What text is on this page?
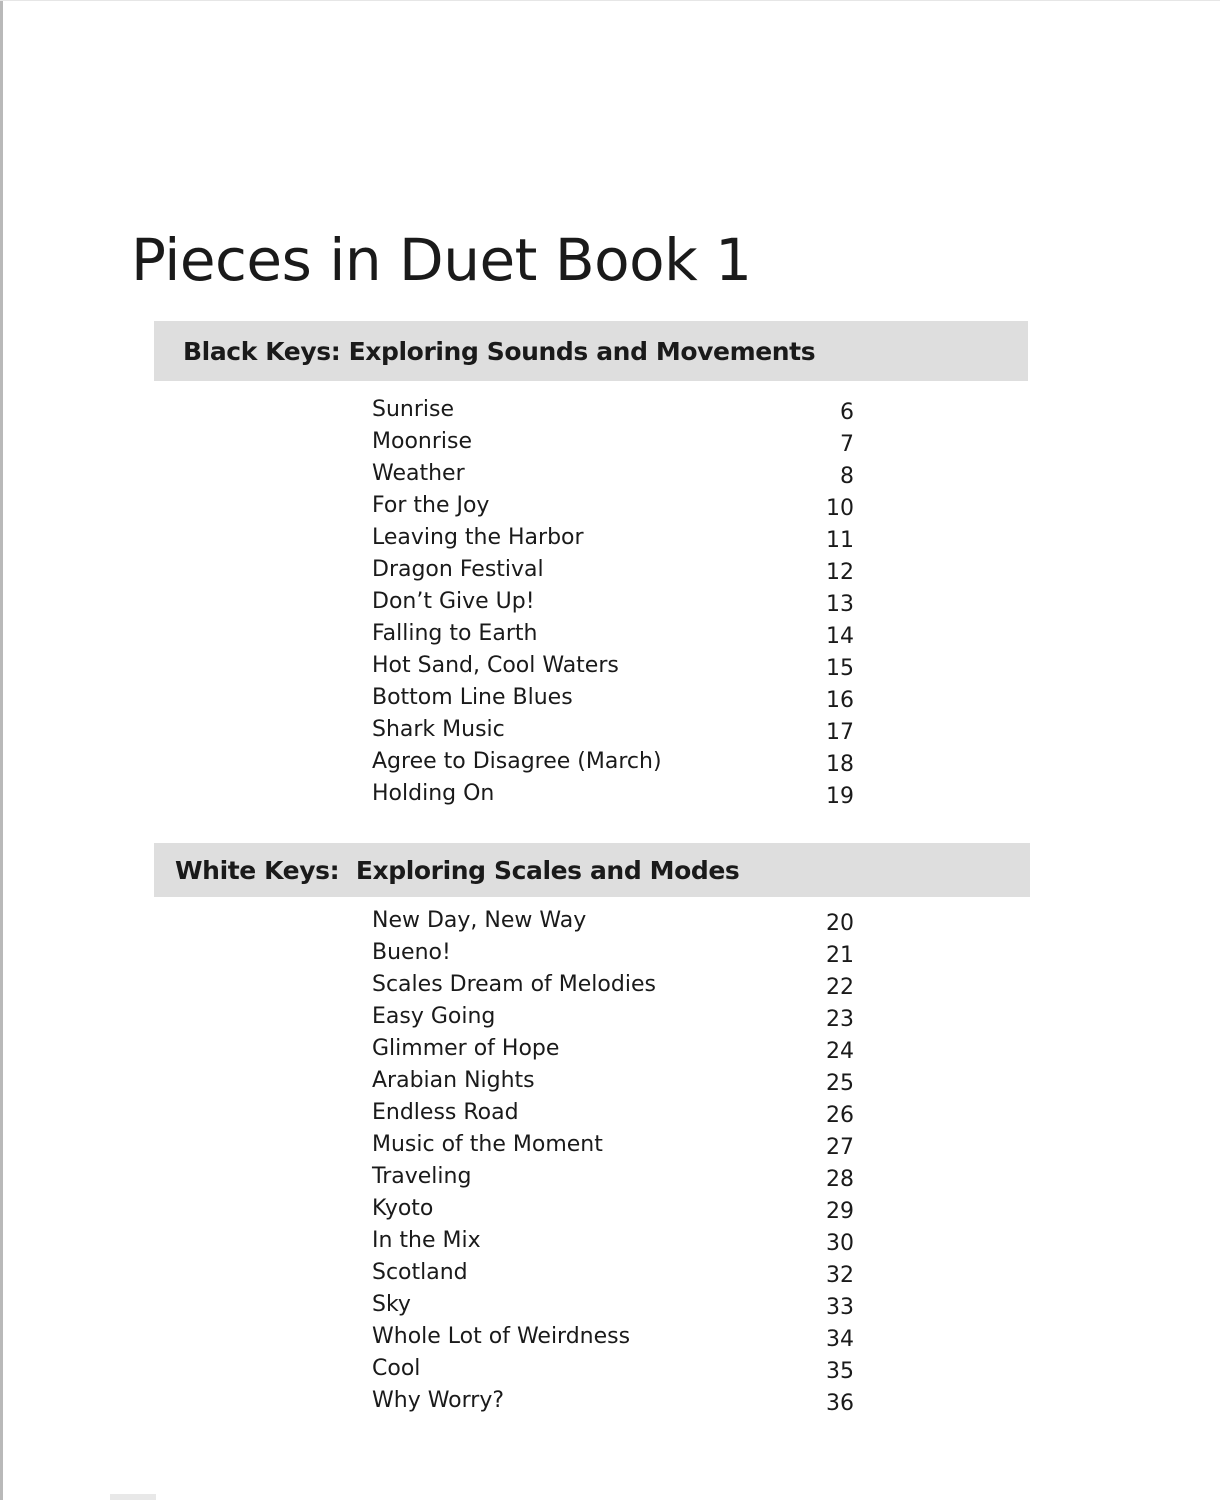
Pieces in Duet Book 1
Black Keys: Exploring Sounds and Movements
Sunrise	6
Moonrise	7
Weather	8
For the Joy	10
Leaving the Harbor	11
Dragon Festival	12
Don’t Give Up!	13
Falling to Earth	14
Hot Sand, Cool Waters	15
Bottom Line Blues	16
Shark Music	17
Agree to Disagree (March)	18
Holding On	19
White Keys:  Exploring Scales and Modes
New Day, New Way	20
Bueno!	21
Scales Dream of Melodies	22
Easy Going	23
Glimmer of Hope	24
Arabian Nights	25
Endless Road	26
Music of the Moment	27
Traveling	28
Kyoto	29
In the Mix	30
Scotland	32
Sky	33
Whole Lot of Weirdness	34
Cool	35
Why Worry?	36
